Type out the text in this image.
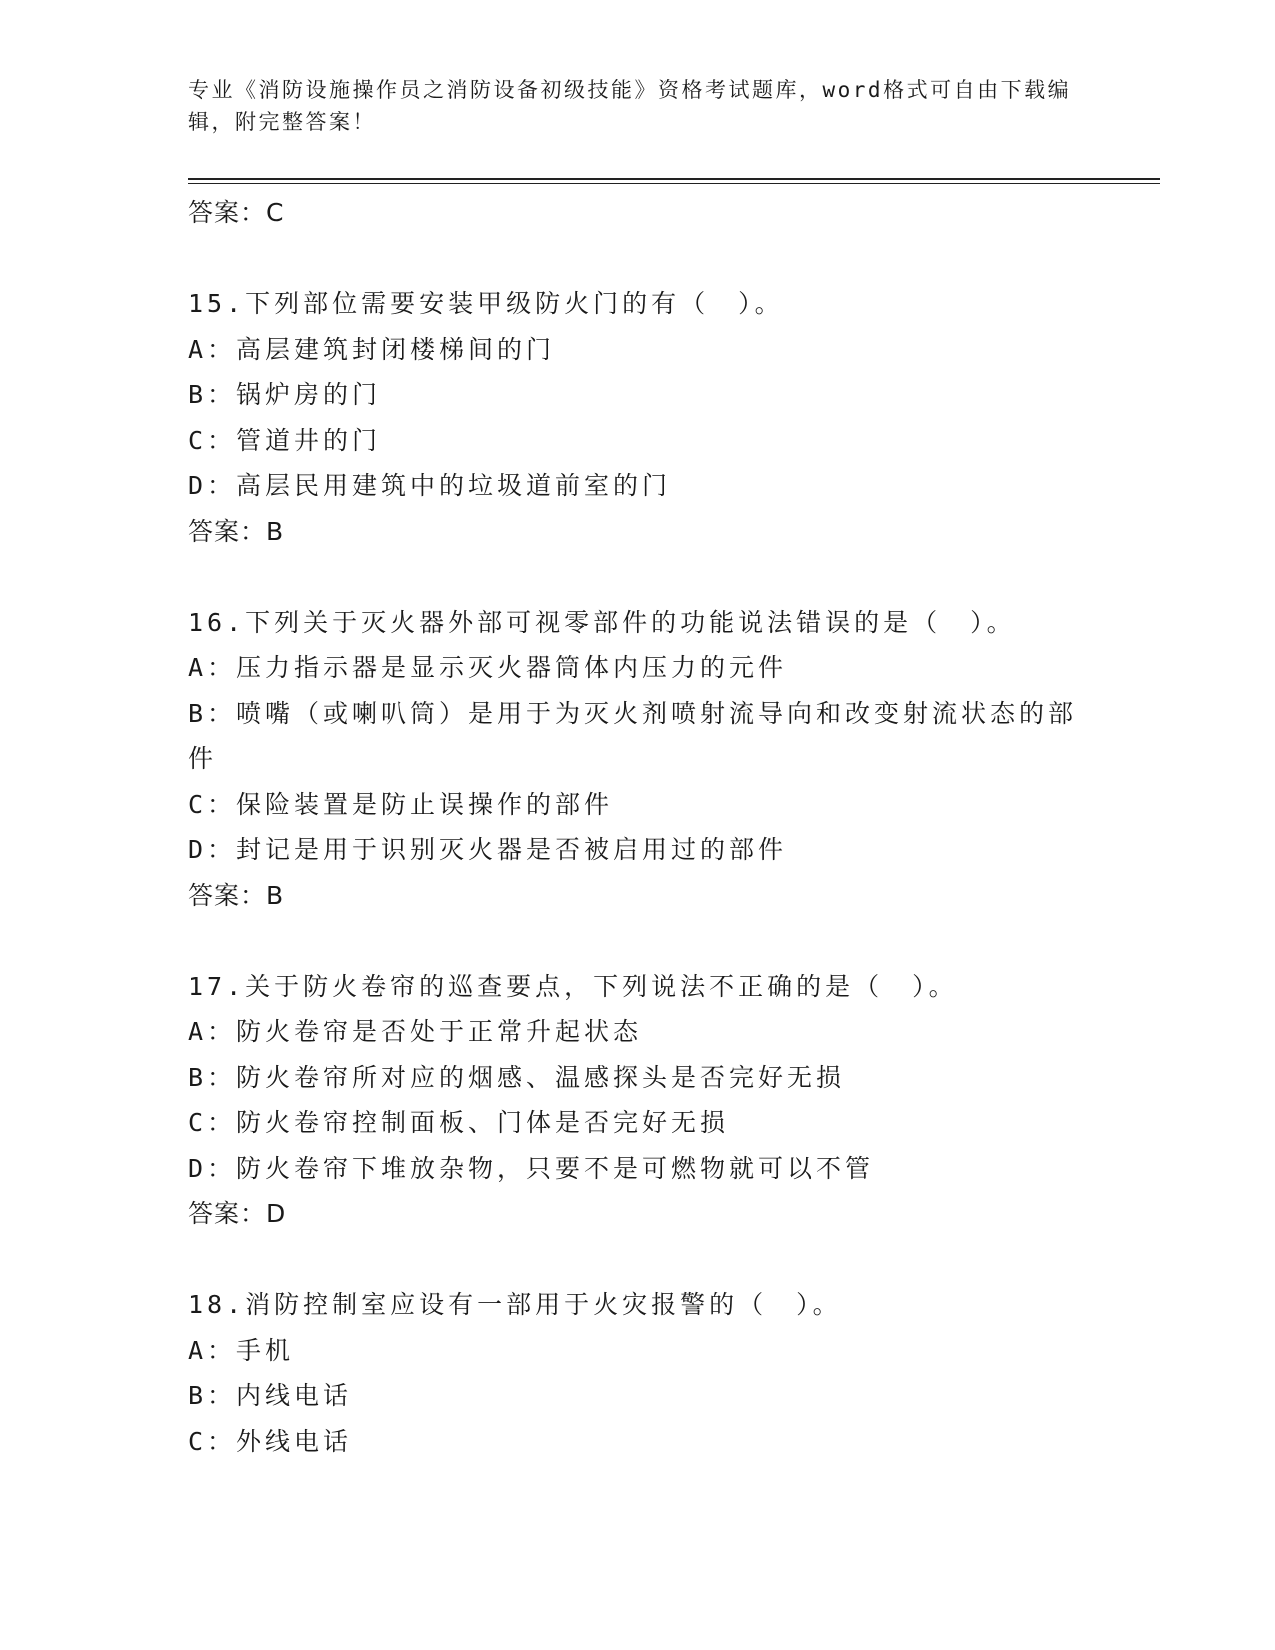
专业《消防设施操作员之消防设备初级技能》资格考试题库，word格式可自由下载编辑，附完整答案！
答案：C
15.下列部位需要安装甲级防火门的有（　）。
A：高层建筑封闭楼梯间的门
B：锅炉房的门
C：管道井的门
D：高层民用建筑中的垃圾道前室的门
答案：B
16.下列关于灭火器外部可视零部件的功能说法错误的是（　）。
A：压力指示器是显示灭火器筒体内压力的元件
B：喷嘴（或喇叭筒）是用于为灭火剂喷射流导向和改变射流状态的部件
C：保险装置是防止误操作的部件
D：封记是用于识别灭火器是否被启用过的部件
答案：B
17.关于防火卷帘的巡查要点，下列说法不正确的是（　）。
A：防火卷帘是否处于正常升起状态
B：防火卷帘所对应的烟感、温感探头是否完好无损
C：防火卷帘控制面板、门体是否完好无损
D：防火卷帘下堆放杂物，只要不是可燃物就可以不管
答案：D
18.消防控制室应设有一部用于火灾报警的（　）。
A：手机
B：内线电话
C：外线电话
